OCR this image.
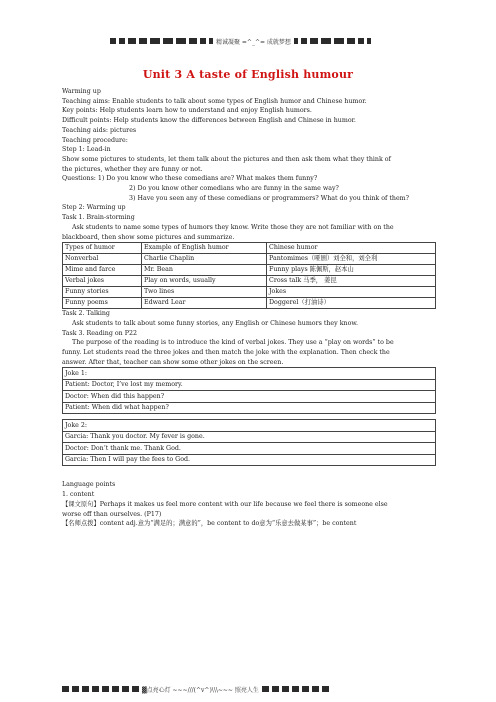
精诚凝聚 =^_^= 成就梦想
Unit 3 A taste of English humour

Warming up

Teaching aims: Enable students to talk about some types of English humor and Chinese humor.

Key points: Help students learn how to understand and enjoy English humors.

Difficult points: Help students know the differences between English and Chinese in humor.

Teaching aids: pictures

Teaching procedure:

Step 1: Lead-in

Show some pictures to students, let them talk about the pictures and then ask them what they think of

the pictures, whether they are funny or not.

Questions: 1) Do you know who these comedians are? What makes them funny?

2) Do you know other comedians who are funny in the same way?

3) Have you seen any of these comedians or programmers? What do you think of them?

Step 2: Warming up

Task 1. Brain-storming

Ask students to name some types of humors they know. Write those they are not familiar with on the

blackboard, then show some pictures and summarize.

Types of humor	Example of English humor	Chinese humor
Nonverbal	Charlie Chaplin	Pantomimes（哑剧）刘全和，刘全利
Mime and farce	Mr. Bean	Funny plays 陈佩斯，赵本山
Verbal jokes	Play on words, usually	Cross talk 马季， 姜昆
Funny stories	Two lines	Jokes
Funny poems	Edward Lear	Doggerel（打油诗）

Task 2. Talking

Ask students to talk about some funny stories, any English or Chinese humors they know.

Task 3. Reading on P22

The purpose of the reading is to introduce the kind of verbal jokes. They use a “play on words” to be

funny. Let students read the three jokes and then match the joke with the explanation. Then check the

answer. After that, teacher can show some other jokes on the screen.

Joke 1:
Patient: Doctor, I’ve lost my memory.
Doctor: When did this happen?
Patient: When did what happen?
Joke 2:
Garcia: Thank you doctor. My fever is gone.
Doctor: Don’t thank me. Thank God.
Garcia: Then I will pay the fees to God.

Language points

1. content

【课文原句】Perhaps it makes us feel more content with our life because we feel there is someone else

worse off than ourselves. (P17)

【名师点拨】content adj.意为“满足的；满意的”，be content to do意为“乐意去做某事”；be content

▓点亮心灯 ~~~///(^v^)\\\~~~ 照亮人生
